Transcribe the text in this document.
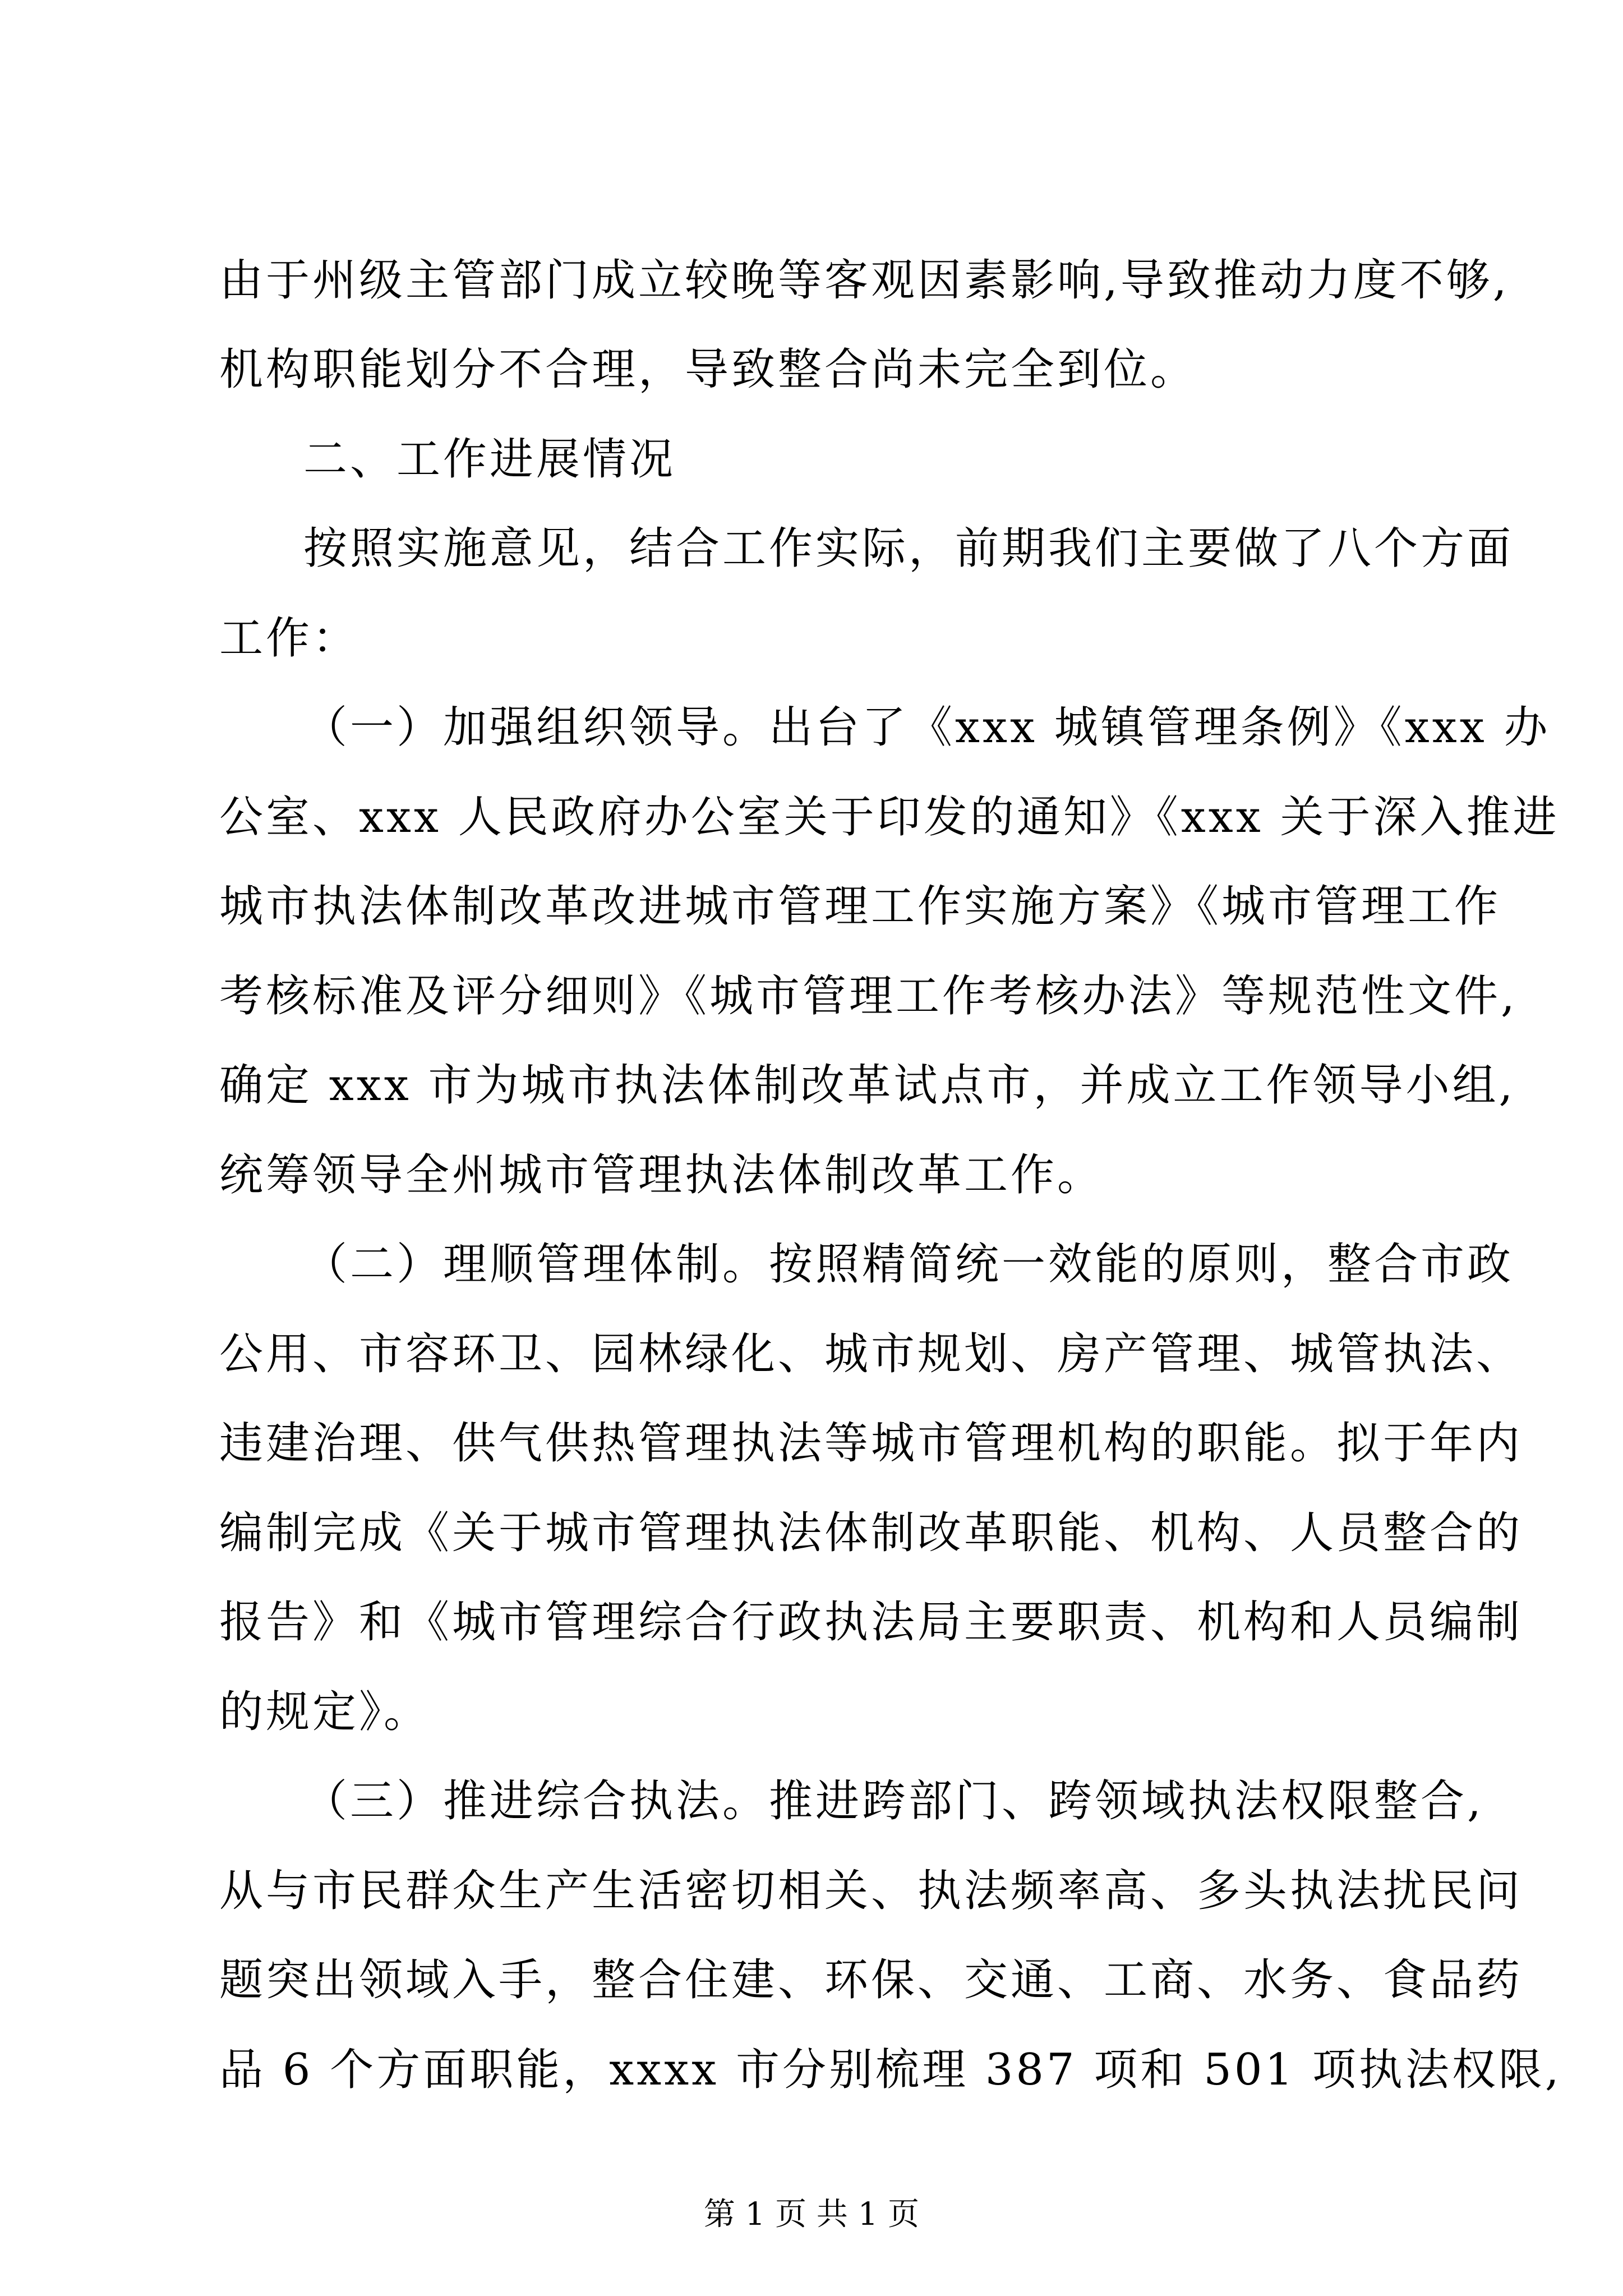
由于州级主管部门成立较晚等客观因素影响,导致推动力度不够,
机构职能划分不合理，导致整合尚未完全到位。
二、工作进展情况
按照实施意见，结合工作实际，前期我们主要做了八个方面
工作：
（一）加强组织领导。出台了《xxx 城镇管理条例》《xxx 办
公室、xxx 人民政府办公室关于印发的通知》《xxx 关于深入推进
城市执法体制改革改进城市管理工作实施方案》《城市管理工作
考核标准及评分细则》《城市管理工作考核办法》等规范性文件,
确定 xxx 市为城市执法体制改革试点市，并成立工作领导小组,
统筹领导全州城市管理执法体制改革工作。
（二）理顺管理体制。按照精简统一效能的原则，整合市政
公用、市容环卫、园林绿化、城市规划、房产管理、城管执法、
违建治理、供气供热管理执法等城市管理机构的职能。拟于年内
编制完成《关于城市管理执法体制改革职能、机构、人员整合的
报告》和《城市管理综合行政执法局主要职责、机构和人员编制
的规定》。
（三）推进综合执法。推进跨部门、跨领域执法权限整合,
从与市民群众生产生活密切相关、执法频率高、多头执法扰民问
题突出领域入手，整合住建、环保、交通、工商、水务、食品药
品 6 个方面职能，xxxx 市分别梳理 387 项和 501 项执法权限,
第 1 页 共 1 页
